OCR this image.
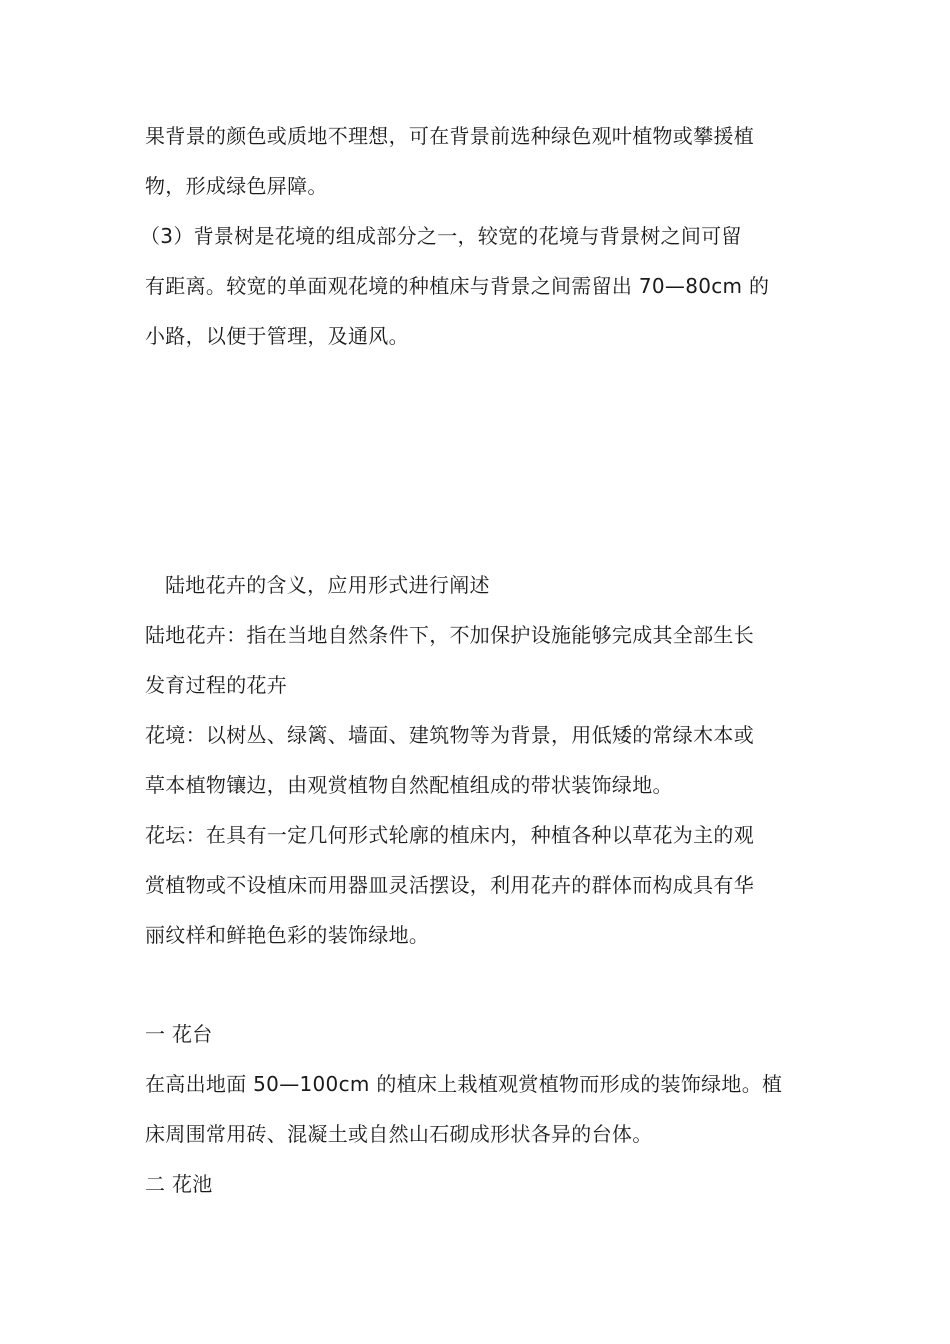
果背景的颜色或质地不理想，可在背景前选种绿色观叶植物或攀援植
物，形成绿色屏障。
（3）背景树是花境的组成部分之一，较宽的花境与背景树之间可留
有距离。较宽的单面观花境的种植床与背景之间需留出 70—80cm 的
小路，以便于管理，及通风。
陆地花卉的含义，应用形式进行阐述
陆地花卉：指在当地自然条件下，不加保护设施能够完成其全部生长
发育过程的花卉
花境：以树丛、绿篱、墙面、建筑物等为背景，用低矮的常绿木本或
草本植物镶边，由观赏植物自然配植组成的带状装饰绿地。
花坛：在具有一定几何形式轮廓的植床内，种植各种以草花为主的观
赏植物或不设植床而用器皿灵活摆设，利用花卉的群体而构成具有华
丽纹样和鲜艳色彩的装饰绿地。
一 花台
在高出地面 50—100cm 的植床上栽植观赏植物而形成的装饰绿地。植
床周围常用砖、混凝土或自然山石砌成形状各异的台体。
二 花池
